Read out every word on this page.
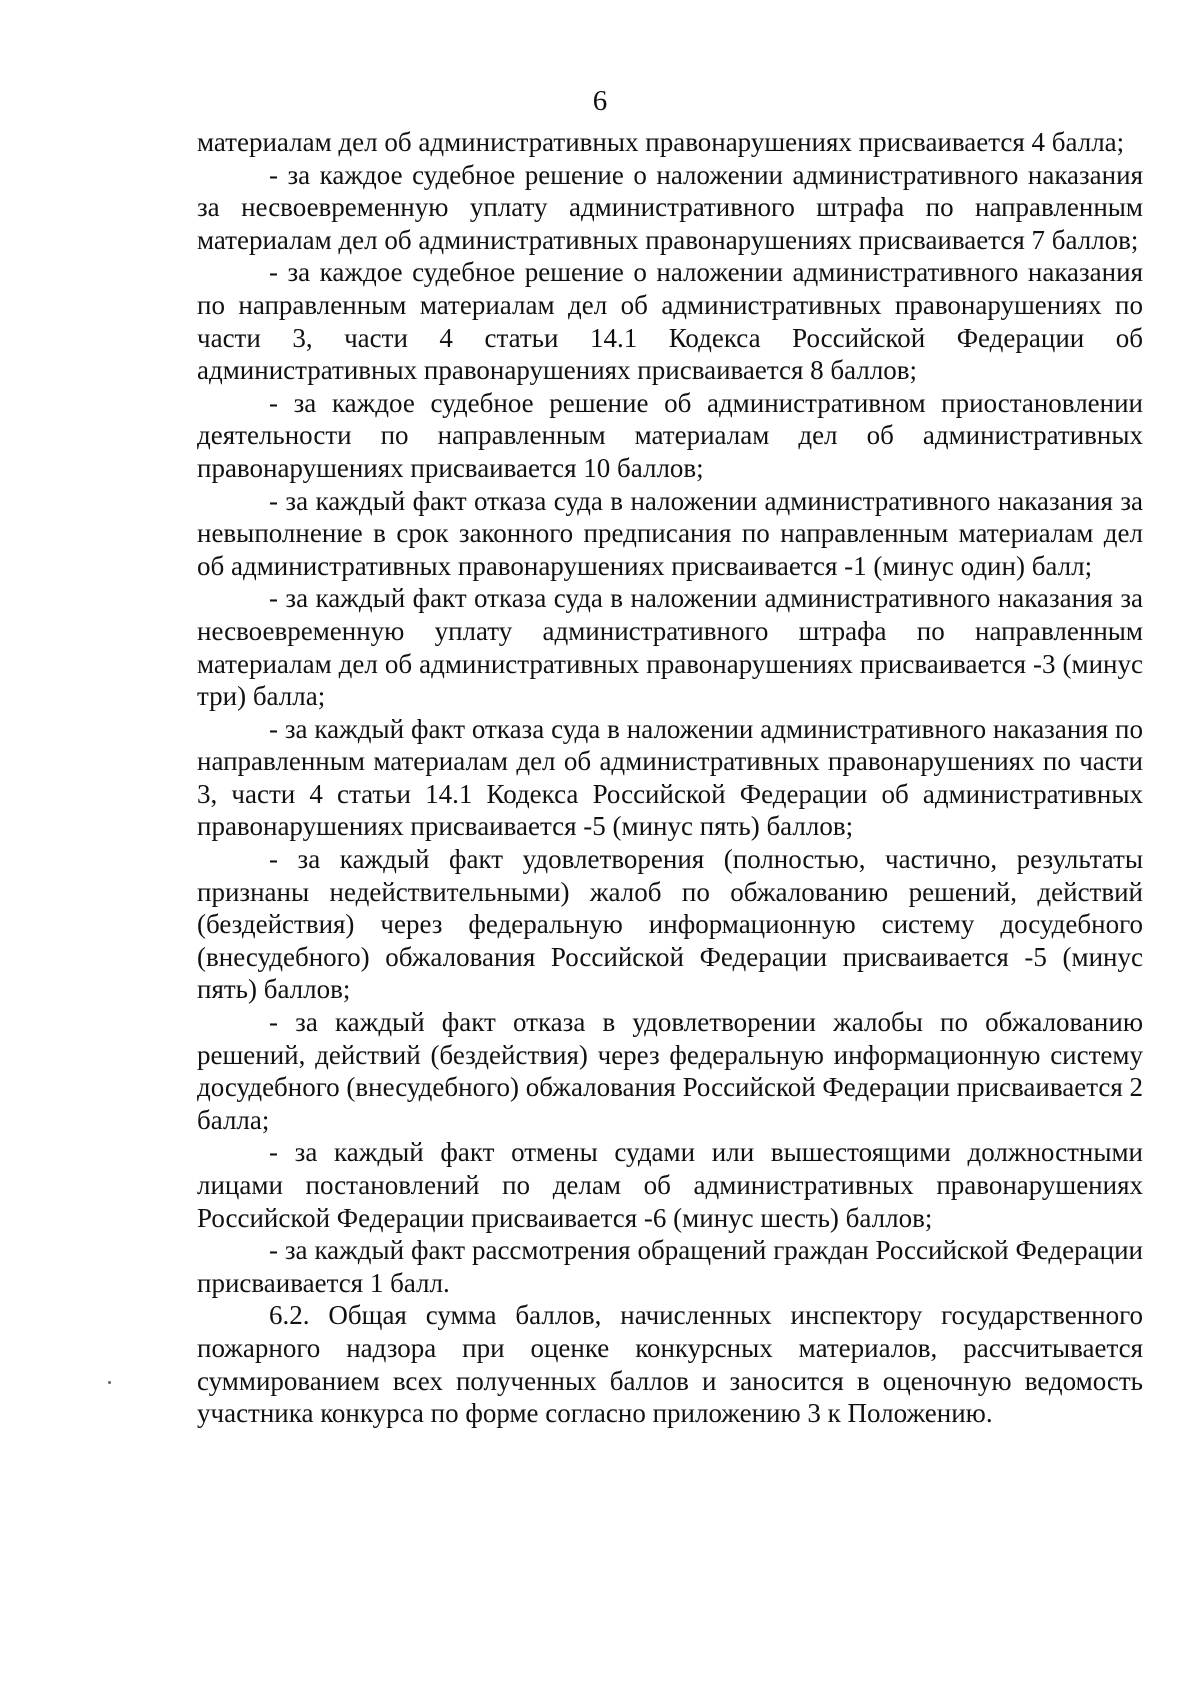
6

материалам дел об административных правонарушениях присваивается 4 балла;

- за каждое судебное решение о наложении административного наказания за несвоевременную уплату административного штрафа по направленным материалам дел об административных правонарушениях присваивается 7 баллов;

- за каждое судебное решение о наложении административного наказания по направленным материалам дел об административных правонарушениях по части 3, части 4 статьи 14.1 Кодекса Российской Федерации об административных правонарушениях присваивается 8 баллов;

- за каждое судебное решение об административном приостановлении деятельности по направленным материалам дел об административных правонарушениях присваивается 10 баллов;

- за каждый факт отказа суда в наложении административного наказания за невыполнение в срок законного предписания по направленным материалам дел об административных правонарушениях присваивается -1 (минус один) балл;

- за каждый факт отказа суда в наложении административного наказания за несвоевременную уплату административного штрафа по направленным материалам дел об административных правонарушениях присваивается -3 (минус три) балла;

- за каждый факт отказа суда в наложении административного наказания по направленным материалам дел об административных правонарушениях по части 3, части 4 статьи 14.1 Кодекса Российской Федерации об административных правонарушениях присваивается -5 (минус пять) баллов;

- за каждый факт удовлетворения (полностью, частично, результаты признаны недействительными) жалоб по обжалованию решений, действий (бездействия) через федеральную информационную систему досудебного (внесудебного) обжалования Российской Федерации присваивается -5 (минус пять) баллов;

- за каждый факт отказа в удовлетворении жалобы по обжалованию решений, действий (бездействия) через федеральную информационную систему досудебного (внесудебного) обжалования Российской Федерации присваивается 2 балла;

- за каждый факт отмены судами или вышестоящими должностными лицами постановлений по делам об административных правонарушениях Российской Федерации присваивается -6 (минус шесть) баллов;

- за каждый факт рассмотрения обращений граждан Российской Федерации присваивается 1 балл.

6.2. Общая сумма баллов, начисленных инспектору государственного пожарного надзора при оценке конкурсных материалов, рассчитывается суммированием всех полученных баллов и заносится в оценочную ведомость участника конкурса по форме согласно приложению 3 к Положению.
